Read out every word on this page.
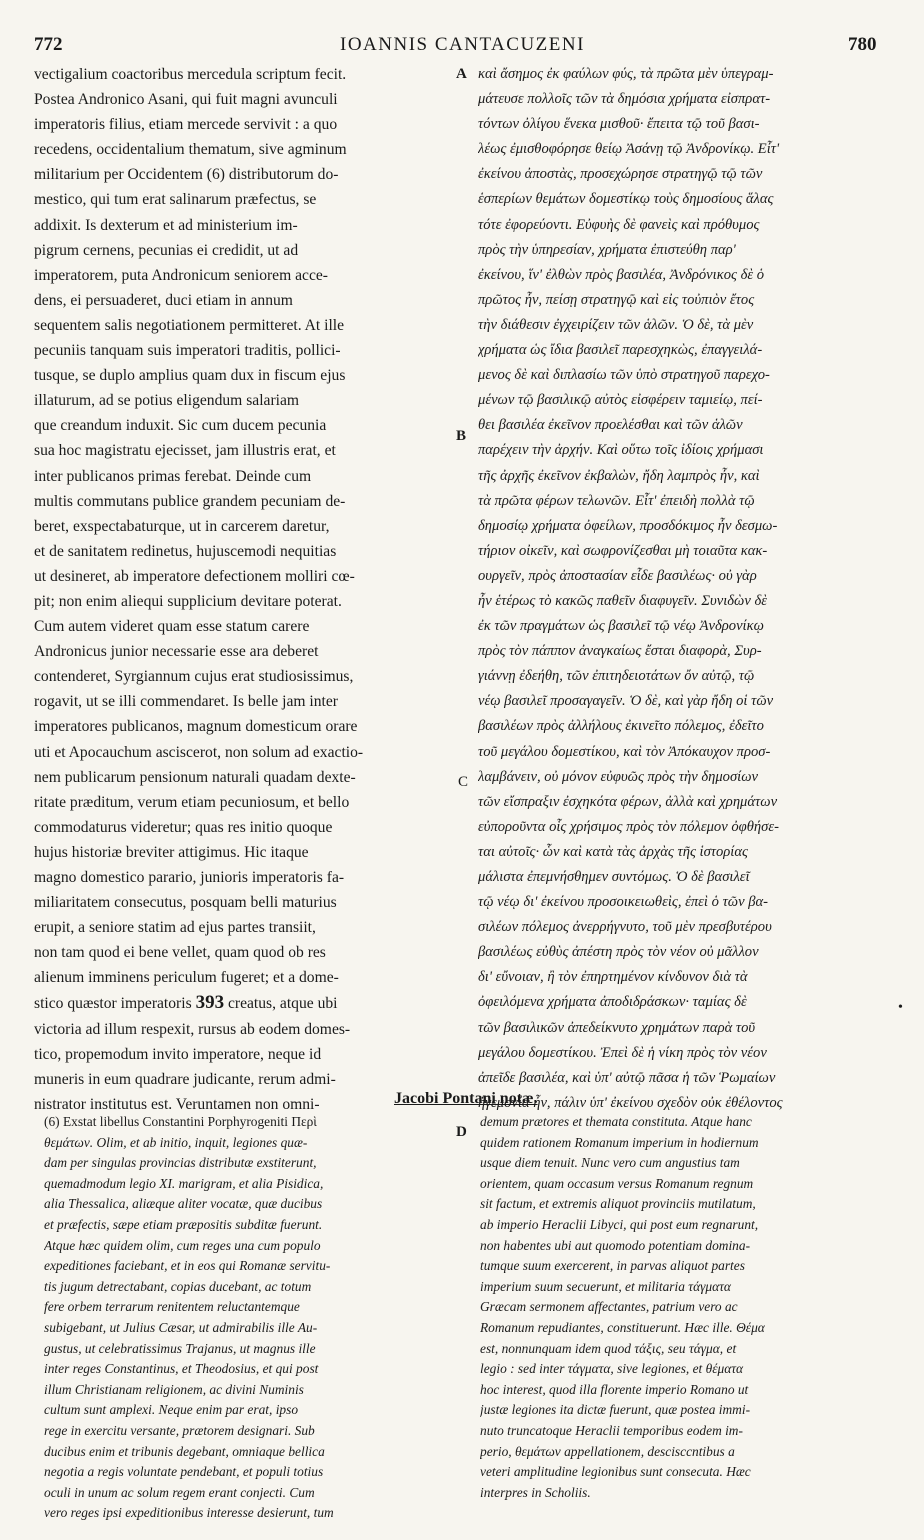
772	IOANNIS CANTACUZENI	780
A
B
C
D
vectigalium coactoribus mercedula scriptum fecit.
Postea Andronico Asani, qui fuit magni avunculi
imperatoris filius, etiam mercede servivit : a quo
recedens, occidentalium thematum, sive agminum
militarium per Occidentem (6) distributorum do-
mestico, qui tum erat salinarum præfectus, se
addixit. Is dexterum et ad ministerium im-
pigrum cernens, pecunias ei credidit, ut ad
imperatorem, puta Andronicum seniorem acce-
dens, ei persuaderet, duci etiam in annum
sequentem salis negotiationem permitteret. At ille
pecuniis tanquam suis imperatori traditis, pollici-
tusque, se duplo amplius quam dux in fiscum ejus
illaturum, ad se potius eligendum salariam
que creandum induxit. Sic cum ducem pecunia
sua hoc magistratu ejecisset, jam illustris erat, et
inter publicanos primas ferebat. Deinde cum
multis commutans publice grandem pecuniam de-
beret, exspectabaturque, ut in carcerem daretur,
et de sanitatem redinetus, hujuscemodi nequitias
ut desineret, ab imperatore defectionem molliri cœ-
pit; non enim aliequi supplicium devitare poterat.
Cum autem videret quam esse statum carere
Andronicus junior necessarie esse ara deberet
contenderet, Syrgiannum cujus erat studiosissimus,
rogavit, ut se illi commendaret. Is belle jam inter
imperatores publicanos, magnum domesticum orare
uti et Apocauchum asciscerot, non solum ad exactio-
nem publicarum pensionum naturali quadam dexte-
ritate præditum, verum etiam pecuniosum, et bello
commodaturus videretur; quas res initio quoque
hujus historiæ breviter attigimus. Hic itaque
magno domestico parario, junioris imperatoris fa-
miliaritatem consecutus, posquam belli maturius
erupit, a seniore statim ad ejus partes transiit,
non tam quod ei bene vellet, quam quod ob res
alienum imminens periculum fugeret; et a dome-
stico quæstor imperatoris 393 creatus, atque ubi
victoria ad illum respexit, rursus ab eodem domes-
tico, propemodum invito imperatore, neque id
muneris in eum quadrare judicante, rerum admi-
nistrator institutus est. Veruntamen non omni-
καὶ ἄσημος ἐκ φαύλων φύς, τὰ πρῶτα μὲν ὑπεγραμ-
μάτευσε πολλοῖς τῶν τὰ δημόσια χρήματα εἰσπρατ-
τόντων ὀλίγου ἕνεκα μισθοῦ· ἔπειτα τῷ τοῦ βασι-
λέως ἐμισθοφόρησε θείῳ Ἀσάνῃ τῷ Ἀνδρονίκῳ. Εἶτ'
ἐκείνου ἀποστὰς, προσεχώρησε στρατηγῷ τῷ τῶν
ἑσπερίων θεμάτων δομεστίκῳ τοὺς δημοσίους ἅλας
τότε ἐφορεύοντι. Εὐφυὴς δὲ φανεὶς καὶ πρόθυμος
πρὸς τὴν ὑπηρεσίαν, χρήματα ἐπιστεύθη παρ'
ἐκείνου, ἵν' ἐλθὼν πρὸς βασιλέα, Ἀνδρόνικος δὲ ὁ
πρῶτος ἦν, πείσῃ στρατηγῷ καὶ εἰς τοὐπιὸν ἔτος
τὴν διάθεσιν ἐγχειρίζειν τῶν ἁλῶν. Ὁ δὲ, τὰ μὲν
χρήματα ὡς ἴδια βασιλεῖ παρεσχηκὼς, ἐπαγγειλά-
μενος δὲ καὶ διπλασίω τῶν ὑπὸ στρατηγοῦ παρεχο-
μένων τῷ βασιλικῷ αὐτὸς εἰσφέρειν ταμιείῳ, πεί-
θει βασιλέα ἐκεῖνον προελέσθαι καὶ τῶν ἁλῶν
παρέχειν τὴν ἀρχήν. Καὶ οὕτω τοῖς ἰδίοις χρήμασι
τῆς ἀρχῆς ἐκεῖνον ἐκβαλὼν, ἤδη λαμπρὸς ἦν, καὶ
τὰ πρῶτα φέρων τελωνῶν. Εἶτ' ἐπειδὴ πολλὰ τῷ
δημοσίῳ χρήματα ὀφείλων, προσδόκιμος ἦν δεσμω-
τήριον οἰκεῖν, καὶ σωφρονίζεσθαι μὴ τοιαῦτα κακ-
ουργεῖν, πρὸς ἀποστασίαν εἶδε βασιλέως· οὐ γὰρ
ἦν ἑτέρως τὸ κακῶς παθεῖν διαφυγεῖν. Συνιδὼν δὲ
ἐκ τῶν πραγμάτων ὡς βασιλεῖ τῷ νέῳ Ἀνδρονίκῳ
πρὸς τὸν πάππον ἀναγκαίως ἔσται διαφορὰ, Συρ-
γιάννῃ ἐδεήθη, τῶν ἐπιτηδειοτάτων ὄν αὐτῷ, τῷ
νέῳ βασιλεῖ προσαγαγεῖν. Ὁ δὲ, καὶ γὰρ ἤδη οἱ τῶν
βασιλέων πρὸς ἀλλήλους ἐκινεῖτο πόλεμος, ἐδεῖτο
τοῦ μεγάλου δομεστίκου, καὶ τὸν Ἀπόκαυχον προσ-
λαμβάνειν, οὐ μόνον εὐφυῶς πρὸς τὴν δημοσίων
τῶν εἴσπραξιν ἐσχηκότα φέρων, ἀλλὰ καὶ χρημάτων
εὐποροῦντα οἷς χρήσιμος πρὸς τὸν πόλεμον ὀφθήσε-
ται αὐτοῖς· ὧν καὶ κατὰ τὰς ἀρχὰς τῆς ἱστορίας
μάλιστα ἐπεμνήσθημεν συντόμως. Ὁ δὲ βασιλεῖ
τῷ νέῳ δι' ἐκείνου προσοικειωθεὶς, ἐπεὶ ὁ τῶν βα-
σιλέων πόλεμος ἀνερρήγνυτο, τοῦ μὲν πρεσβυτέρου
βασιλέως εὐθὺς ἀπέστη πρὸς τὸν νέον οὐ μᾶλλον
δι' εὔνοιαν, ἢ τὸν ἐπηρτημένον κίνδυνον διὰ τὰ
ὀφειλόμενα χρήματα ἀποδιδράσκων· ταμίας δὲ
τῶν βασιλικῶν ἀπεδείκνυτο χρημάτων παρὰ τοῦ
μεγάλου δομεστίκου. Ἐπεὶ δὲ ἡ νίκη πρὸς τὸν νέον
ἀπεῖδε βασιλέα, καὶ ὑπ' αὐτῷ πᾶσα ἡ τῶν Ῥωμαίων
ἡγεμονία ἦν, πάλιν ὑπ' ἐκείνου σχεδὸν οὐκ ἐθέλοντος
•
Jacobi Pontani notæ.
(6) Exstat libellus Constantini Porphyrogeniti Περὶ
θεμάτων. Olim, et ab initio, inquit, legiones quæ-
dam per singulas provincias distributæ exstiterunt,
quemadmodum legio XI. marigram, et alia Pisidica,
alia Thessalica, aliæque aliter vocatæ, quæ ducibus
et præfectis, sæpe etiam præpositis subditæ fuerunt.
Atque hæc quidem olim, cum reges una cum populo
expeditiones faciebant, et in eos qui Romanæ servitu-
tis jugum detrectabant, copias ducebant, ac totum
fere orbem terrarum renitentem reluctantemque
subigebant, ut Julius Cæsar, ut admirabilis ille Au-
gustus, ut celebratissimus Trajanus, ut magnus ille
inter reges Constantinus, et Theodosius, et qui post
illum Christianam religionem, ac divini Numinis
cultum sunt amplexi. Neque enim par erat, ipso
rege in exercitu versante, prætorem designari. Sub
ducibus enim et tribunis degebant, omniaque bellica
negotia a regis voluntate pendebant, et populi totius
oculi in unum ac solum regem erant conjecti. Cum
vero reges ipsi expeditionibus interesse desierunt, tum
demum prætores et themata constituta. Atque hanc
quidem rationem Romanum imperium in hodiernum
usque diem tenuit. Nunc vero cum angustius tam
orientem, quam occasum versus Romanum regnum
sit factum, et extremis aliquot provinciis mutilatum,
ab imperio Heraclii Libyci, qui post eum regnarunt,
non habentes ubi aut quomodo potentiam domina-
tumque suum exercerent, in parvas aliquot partes
imperium suum secuerunt, et militaria τάγματα
Græcam sermonem affectantes, patrium vero ac
Romanum repudiantes, constituerunt. Hæc ille. Θέμα
est, nonnunquam idem quod τάξις, seu τάγμα, et
legio : sed inter τάγματα, sive legiones, et θέματα
hoc interest, quod illa florente imperio Romano ut
justæ legiones ita dictæ fuerunt, quæ postea immi-
nuto truncatoque Heraclii temporibus eodem im-
perio, θεμάτων appellationem, descisccntibus a
veteri amplitudine legionibus sunt consecuta. Hæc
interpres in Scholiis.
